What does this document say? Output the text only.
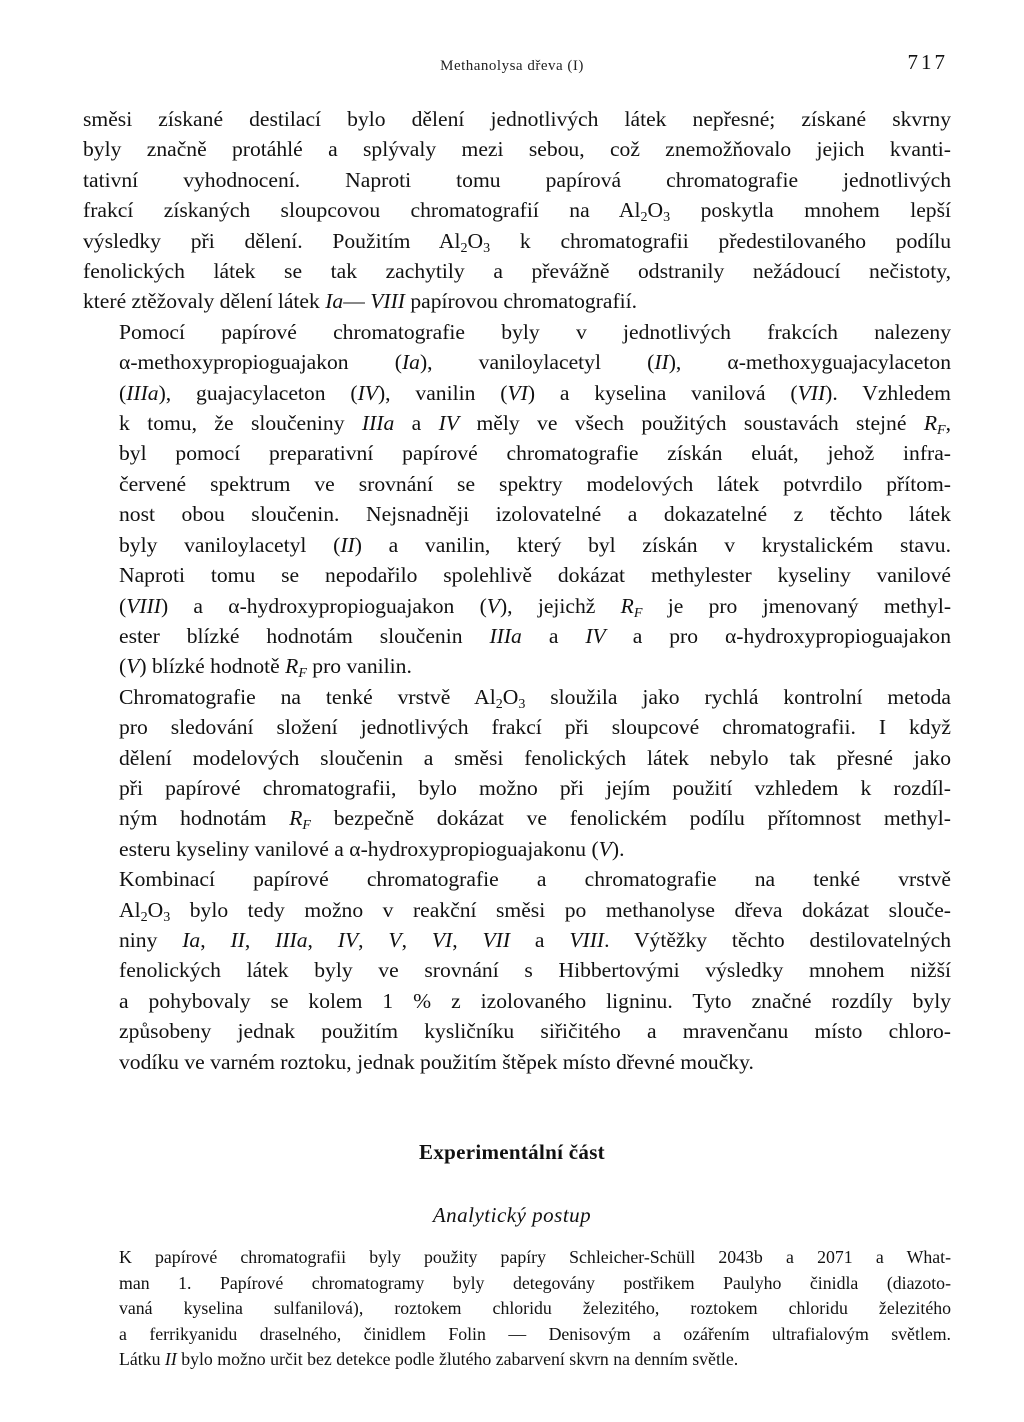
Methanolysa dřeva (I)	717

směsi získané destilací bylo dělení jednotlivých látek nepřesné; získané skvrny
byly značně protáhlé a splývaly mezi sebou, což znemožňovalo jejich kvanti-
tativní vyhodnocení. Naproti tomu papírová chromatografie jednotlivých
frakcí získaných sloupcovou chromatografií na $Al_2O_3$ poskytla mnohem lepší
výsledky při dělení. Použitím $Al_2O_3$ k chromatografii předestilovaného podílu
fenolických látek se tak zachytily a převážně odstranily nežádoucí nečistoty,
které ztěžovaly dělení látek Ia— VIII papírovou chromatografií.

Pomocí papírové chromatografie byly v jednotlivých frakcích nalezeny
α-methoxypropioguajakon (Ia), vaniloylacetyl (II), α-methoxyguajacylaceton
(IIIa), guajacylaceton (IV), vanilin (VI) a kyselina vanilová (VII). Vzhledem
k tomu, že sloučeniny IIIa a IV měly ve všech použitých soustavách stejné $R_F$,
byl pomocí preparativní papírové chromatografie získán eluát, jehož infra-
červené spektrum ve srovnání se spektry modelových látek potvrdilo přítom-
nost obou sloučenin. Nejsnadněji izolovatelné a dokazatelné z těchto látek
byly vaniloylacetyl (II) a vanilin, který byl získán v krystalickém stavu.
Naproti tomu se nepodařilo spolehlivě dokázat methylester kyseliny vanilové
(VIII) a α-hydroxypropioguajakon (V), jejichž $R_F$ je pro jmenovaný methyl-
ester blízké hodnotám sloučenin IIIa a IV a pro α-hydroxypropioguajakon
(V) blízké hodnotě $R_F$ pro vanilin.

Chromatografie na tenké vrstvě $Al_2O_3$ sloužila jako rychlá kontrolní metoda
pro sledování složení jednotlivých frakcí při sloupcové chromatografii. I když
dělení modelových sloučenin a směsi fenolických látek nebylo tak přesné jako
při papírové chromatografii, bylo možno při jejím použití vzhledem k rozdíl-
ným hodnotám $R_F$ bezpečně dokázat ve fenolickém podílu přítomnost methyl-
esteru kyseliny vanilové a α-hydroxypropioguajakonu (V).

Kombinací papírové chromatografie a chromatografie na tenké vrstvě
$Al_2O_3$ bylo tedy možno v reakční směsi po methanolyse dřeva dokázat slouče-
niny Ia, II, IIIa, IV, V, VI, VII a VIII. Výtěžky těchto destilovatelných
fenolických látek byly ve srovnání s Hibbertovými výsledky mnohem nižší
a pohybovaly se kolem 1 % z izolovaného ligninu. Tyto značné rozdíly byly
způsobeny jednak použitím kysličníku siřičitého a mravenčanu místo chloro-
vodíku ve varném roztoku, jednak použitím štěpek místo dřevné moučky.

Experimentální část
Analytický postup

K papírové chromatografii byly použity papíry Schleicher-Schüll 2043b a 2071 a What-
man 1. Papírové chromatogramy byly detegovány postřikem Paulyho činidla (diazoto-
vaná kyselina sulfanilová), roztokem chloridu železitého, roztokem chloridu železitého
a ferrikyanidu draselného, činidlem Folin — Denisovým a ozářením ultrafialovým světlem.
Látku II bylo možno určit bez detekce podle žlutého zabarvení skvrn na denním světle.
